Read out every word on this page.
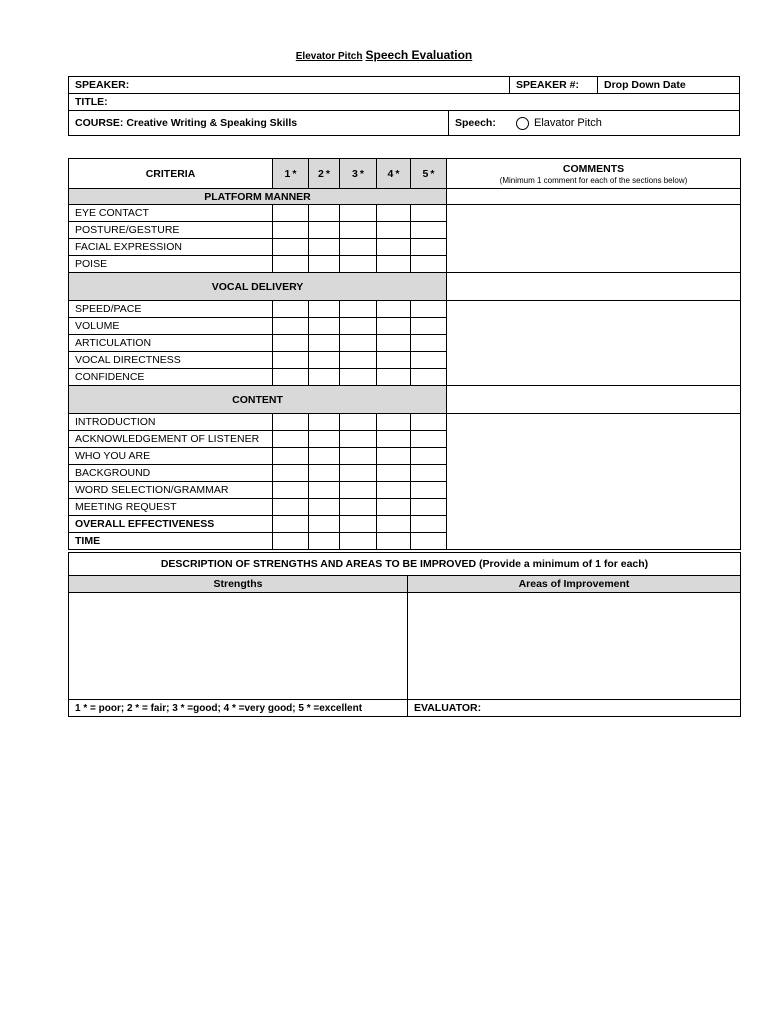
Elevator Pitch Speech Evaluation
SPEAKER:	SPEAKER #: Drop Down Date
TITLE:
COURSE: Creative Writing & Speaking Skills	Speech:	Elavator Pitch
CRITERIA	1 *	2 *	3 *	4 *	5 *	COMMENTS
(Minimum 1 comment for each of the sections below)

PLATFORM MANNER						
EYE CONTACT						
POSTURE/GESTURE						
FACIAL EXPRESSION						
POISE						
VOCAL DELIVERY						
SPEED/PACE						
VOLUME						
ARTICULATION						
VOCAL DIRECTNESS						
CONFIDENCE						
CONTENT						
INTRODUCTION						
ACKNOWLEDGEMENT OF LISTENER						
WHO YOU ARE						
BACKGROUND						
WORD SELECTION/GRAMMAR						
MEETING REQUEST						
OVERALL EFFECTIVENESS						
TIME						
DESCRIPTION OF STRENGTHS AND AREAS TO BE IMPROVED (Provide a minimum of 1 for each)	
Strengths	Areas of Improvement

1 * = poor; 2 * = fair; 3 * =good; 4 * =very good; 5 * =excellent	EVALUATOR:
